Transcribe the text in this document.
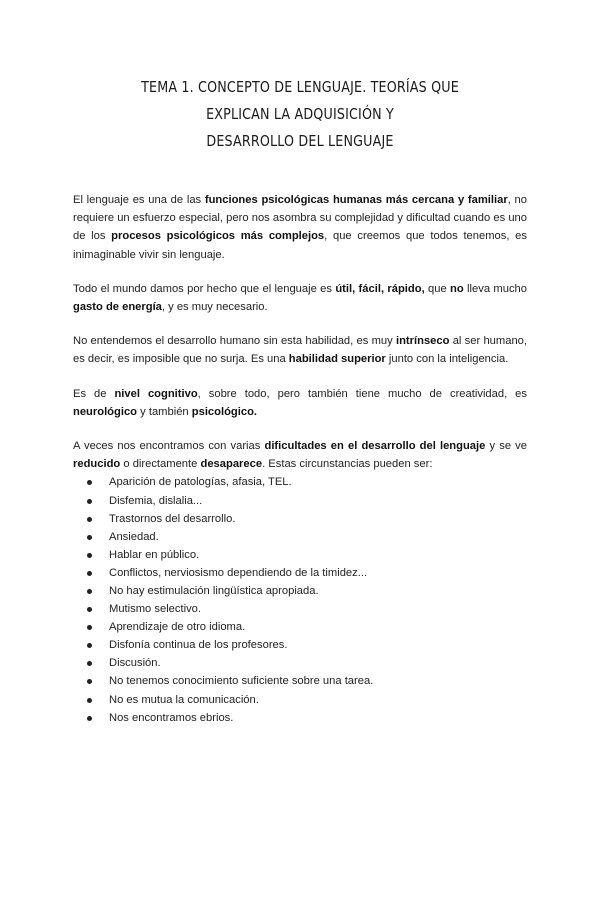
TEMA 1. CONCEPTO DE LENGUAJE. TEORÍAS QUE EXPLICAN LA ADQUISICIÓN Y
DESARROLLO DEL LENGUAJE

El lenguaje es una de las funciones psicológicas humanas más cercana y familiar, no requiere un esfuerzo especial, pero nos asombra su complejidad y dificultad cuando es uno de los procesos psicológicos más complejos, que creemos que todos tenemos, es inimaginable vivir sin lenguaje.

Todo el mundo damos por hecho que el lenguaje es útil, fácil, rápido, que no lleva mucho gasto de energía, y es muy necesario.

No entendemos el desarrollo humano sin esta habilidad, es muy intrínseco al ser humano, es decir, es imposible que no surja. Es una habilidad superior junto con la inteligencia.

Es de nivel cognitivo, sobre todo, pero también tiene mucho de creatividad, es neurológico y también psicológico.

A veces nos encontramos con varias dificultades en el desarrollo del lenguaje y se ve reducido o directamente desaparece. Estas circunstancias pueden ser:

Aparición de patologías, afasia, TEL.
Disfemia, dislalia...
Trastornos del desarrollo.
Ansiedad.
Hablar en público.
Conflictos, nerviosismo dependiendo de la timidez...
No hay estimulación lingüística apropiada.
Mutismo selectivo.
Aprendizaje de otro idioma.
Disfonía continua de los profesores.
Discusión.
No tenemos conocimiento suficiente sobre una tarea.
No es mutua la comunicación.
Nos encontramos ebrios.
